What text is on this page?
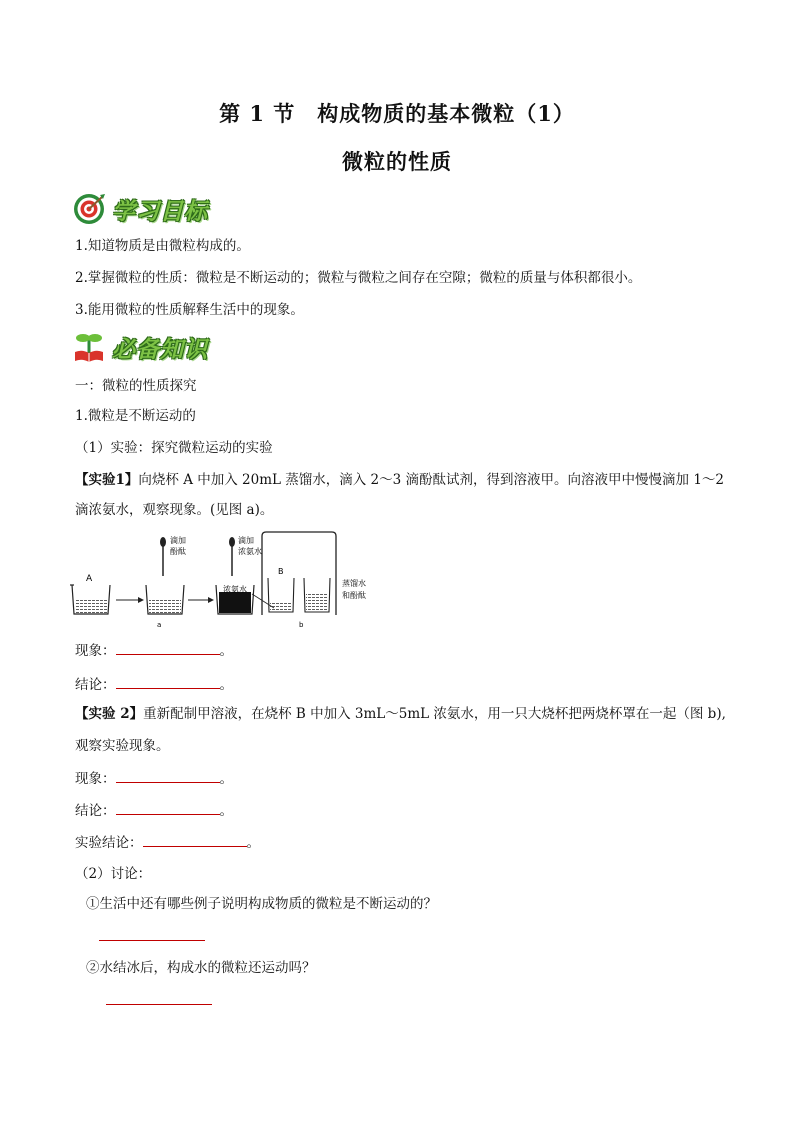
第 1 节　构成物质的基本微粒（1）
微粒的性质
学习目标
1.知道物质是由微粒构成的。
2.掌握微粒的性质：微粒是不断运动的；微粒与微粒之间存在空隙；微粒的质量与体积都很小。
3.能用微粒的性质解释生活中的现象。
必备知识
一：微粒的性质探究
1.微粒是不断运动的
（1）实验：探究微粒运动的实验
【实验1】向烧杯 A 中加入 20mL 蒸馏水，滴入 2～3 滴酚酞试剂，得到溶液甲。向溶液甲中慢慢滴加 1～2
滴浓氨水，观察现象。(见图 a)。
A
滴加
酚酞
滴加
浓氨水
a
B
浓氨水
蒸馏水
和酚酞
b
现象：	。
结论：	。
【实验 2】重新配制甲溶液，在烧杯 B 中加入 3mL～5mL 浓氨水，用一只大烧杯把两烧杯罩在一起（图 b),
观察实验现象。
现象：	。
结论：	。
实验结论：	。
（2）讨论：
①生活中还有哪些例子说明构成物质的微粒是不断运动的？
②水结冰后，构成水的微粒还运动吗？
